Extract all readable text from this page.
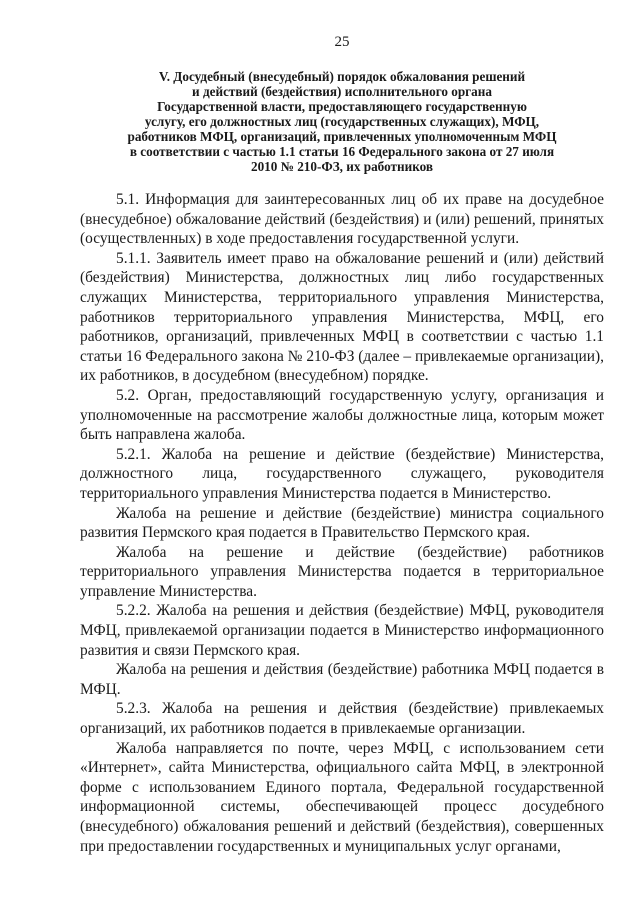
25
V. Досудебный (внесудебный) порядок обжалования решений
и действий (бездействия) исполнительного органа
Государственной власти, предоставляющего государственную
услугу, его должностных лиц (государственных служащих), МФЦ,
работников МФЦ, организаций, привлеченных уполномоченным МФЦ
в соответствии с частью 1.1 статьи 16 Федерального закона от 27 июля
2010 № 210-ФЗ, их работников

5.1. Информация для заинтересованных лиц об их праве на досудебное (внесудебное) обжалование действий (бездействия) и (или) решений, принятых (осуществленных) в ходе предоставления государственной услуги.

5.1.1. Заявитель имеет право на обжалование решений и (или) действий (бездействия) Министерства, должностных лиц либо государственных служащих Министерства, территориального управления Министерства, работников территориального управления Министерства, МФЦ, его работников, организаций, привлеченных МФЦ в соответствии с частью 1.1 статьи 16 Федерального закона № 210-ФЗ (далее – привлекаемые организации), их работников, в досудебном (внесудебном) порядке.

5.2. Орган, предоставляющий государственную услугу, организация и уполномоченные на рассмотрение жалобы должностные лица, которым может быть направлена жалоба.

5.2.1. Жалоба на решение и действие (бездействие) Министерства, должностного лица, государственного служащего, руководителя территориального управления Министерства подается в Министерство.

Жалоба на решение и действие (бездействие) министра социального развития Пермского края подается в Правительство Пермского края.

Жалоба на решение и действие (бездействие) работников территориального управления Министерства подается в территориальное управление Министерства.

5.2.2. Жалоба на решения и действия (бездействие) МФЦ, руководителя МФЦ, привлекаемой организации подается в Министерство информационного развития и связи Пермского края.

Жалоба на решения и действия (бездействие) работника МФЦ подается в МФЦ.

5.2.3. Жалоба на решения и действия (бездействие) привлекаемых организаций, их работников подается в привлекаемые организации.

Жалоба направляется по почте, через МФЦ, с использованием сети «Интернет», сайта Министерства, официального сайта МФЦ, в электронной форме с использованием Единого портала, Федеральной государственной информационной системы, обеспечивающей процесс досудебного (внесудебного) обжалования решений и действий (бездействия), совершенных при предоставлении государственных и муниципальных услуг органами,
